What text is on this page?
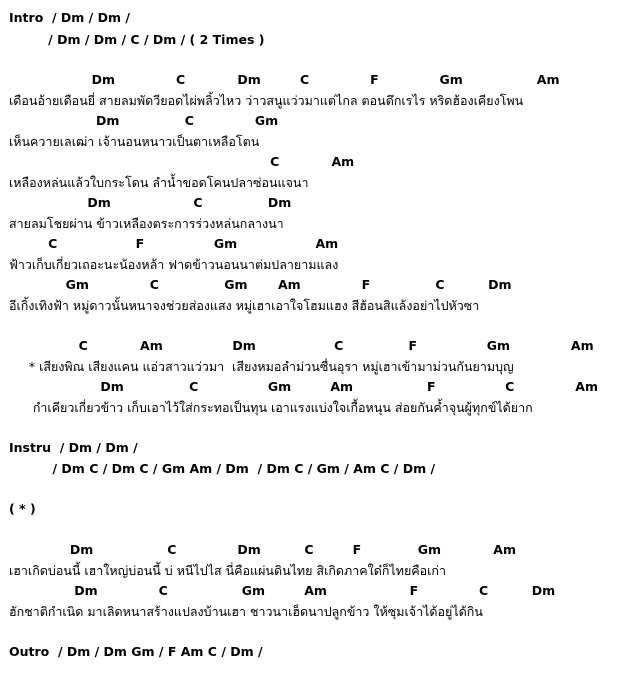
Intro  / Dm / Dm /
/ Dm / Dm / C / Dm / ( 2 Times )
Dm              C            Dm         C              F              Gm                 Am
เดือนอ้ายเดือนยี่ สายลมพัดวียอดไผ่พลิ้วไหว ว่าวสนูแว่วมาแต่ไกล ตอนดึกเรไร หริดฮ้องเคียงโพน
Dm               C              Gm
เห็นควายเลเฒ่า เจ้านอนหนาวเป็นตาเหลือโตน
C            Am
เหลืองหล่นแล้วใบกระโดน ลำน้ำขอดโคนปลาซ่อนแจนา
Dm                   C               Dm
สายลมโชยผ่าน ข้าวเหลืองตระการร่วงหล่นกลางนา
C                  F                Gm                  Am
ฟ้าวเก็บเกี่ยวเถอะนะน้องหล้า ฟาดข้าวนอนนาต่มปลายามแลง
Gm              C               Gm       Am              F               C          Dm
อีเกิ้งเทิงฟ้า หมู่ดาวนั้นหนาจงช่วยส่องแสง หมู่เฮาเอาใจโฮมแฮง สีฮ้อนสิแล้งอย่าไปหัวซา
C            Am                Dm                  C               F                Gm              Am
* เสียงพิณ เสียงแคน แอ่วสาวแว่วมา  เสียงหมอลำม่วนซื่นอุรา หมู่เฮาเข้ามาม่วนกันยามบุญ
Dm               C                Gm         Am                 F                C              Am
กำเคียวเกี่ยวข้าว เก็บเอาไว้ใส่กระทอเป็นทุน เอาแรงแบ่งใจเกื้อหนุน ส่อยกันค้ำจุนผู้ทุกข์ได้ยาก
Instru  / Dm / Dm /
/ Dm C / Dm C / Gm Am / Dm  / Dm C / Gm / Am C / Dm /
( * )
Dm                 C              Dm          C         F             Gm            Am
เฮาเกิดบ่อนนี้ เฮาใหญ่บ่อนนี้ บ่ หนีไปไส นี่คือแผ่นดินไทย สิเกิดภาคใด๋ก็ไทยคือเก่า
Dm              C                 Gm         Am                   F              C          Dm
ฮักชาติกำเนิด มาเลิดหนาสร้างแปลงบ้านเฮา ชาวนาเฮ็ดนาปลูกข้าว ให้ซุมเจ้าได้อยู่ได้กิน
Outro  / Dm / Dm Gm / F Am C / Dm /
